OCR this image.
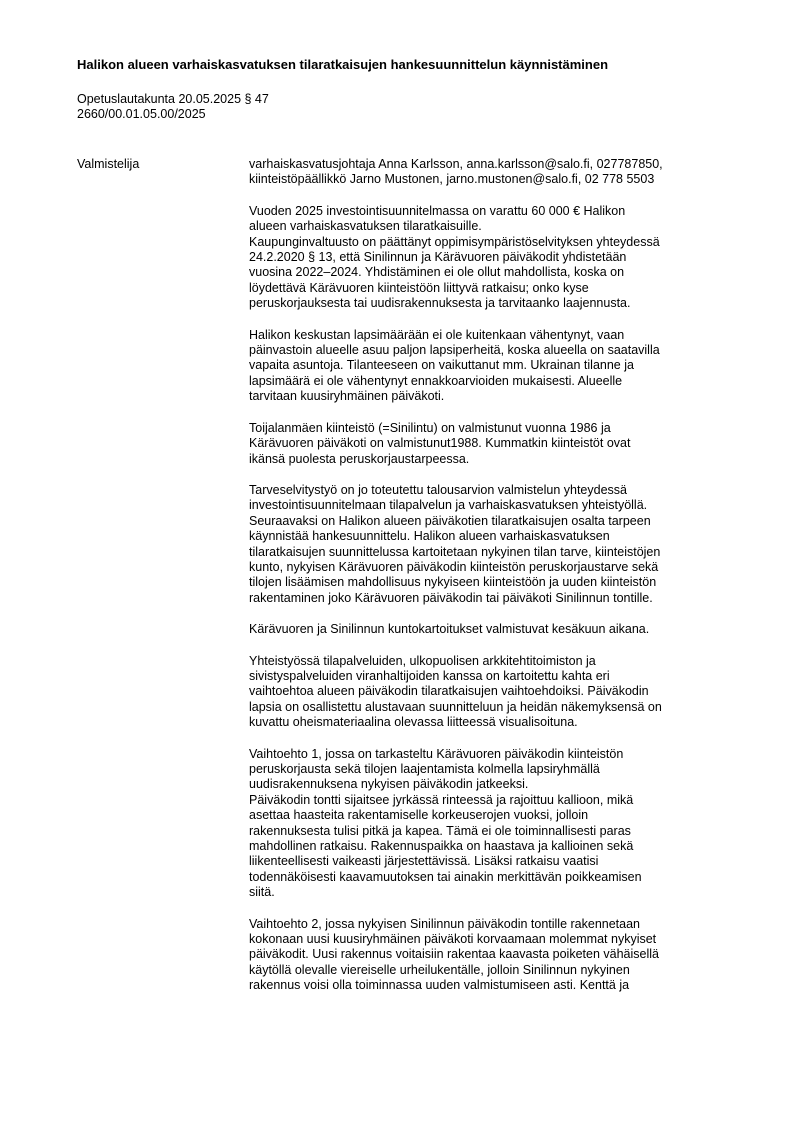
Halikon alueen varhaiskasvatuksen tilaratkaisujen hankesuunnittelun käynnistäminen
Opetuslautakunta 20.05.2025 § 47
2660/00.01.05.00/2025
Valmistelija	varhaiskasvatusjohtaja Anna Karlsson, anna.karlsson@salo.fi, 027787850,
kiinteistöpäällikkö Jarno Mustonen, jarno.mustonen@salo.fi, 02 778 5503
Vuoden 2025 investointisuunnitelmassa on varattu 60 000 € Halikon
alueen varhaiskasvatuksen tilaratkaisuille.
Kaupunginvaltuusto on päättänyt oppimisympäristöselvityksen yhteydessä
24.2.2020 § 13, että Sinilinnun ja Kärävuoren päiväkodit yhdistetään
vuosina 2022–2024. Yhdistäminen ei ole ollut mahdollista, koska on
löydettävä Kärävuoren kiinteistöön liittyvä ratkaisu; onko kyse
peruskorjauksesta tai uudisrakennuksesta ja tarvitaanko laajennusta.
Halikon keskustan lapsimäärään ei ole kuitenkaan vähentynyt, vaan
päinvastoin alueelle asuu paljon lapsiperheitä, koska alueella on saatavilla
vapaita asuntoja. Tilanteeseen on vaikuttanut mm. Ukrainan tilanne ja
lapsimäärä ei ole vähentynyt ennakkoarvioiden mukaisesti. Alueelle
tarvitaan kuusiryhmäinen päiväkoti.
Toijalanmäen kiinteistö (=Sinilintu) on valmistunut vuonna 1986 ja
Kärävuoren päiväkoti on valmistunut1988. Kummatkin kiinteistöt ovat
ikänsä puolesta peruskorjaustarpeessa.
Tarveselvitystyö on jo toteutettu talousarvion valmistelun yhteydessä
investointisuunnitelmaan tilapalvelun ja varhaiskasvatuksen yhteistyöllä.
Seuraavaksi on Halikon alueen päiväkotien tilaratkaisujen osalta tarpeen
käynnistää hankesuunnittelu. Halikon alueen varhaiskasvatuksen
tilaratkaisujen suunnittelussa kartoitetaan nykyinen tilan tarve, kiinteistöjen
kunto, nykyisen Kärävuoren päiväkodin kiinteistön peruskorjaustarve sekä
tilojen lisäämisen mahdollisuus nykyiseen kiinteistöön ja uuden kiinteistön
rakentaminen joko Kärävuoren päiväkodin tai päiväkoti Sinilinnun tontille.
Kärävuoren ja Sinilinnun kuntokartoitukset valmistuvat kesäkuun aikana.
Yhteistyössä tilapalveluiden, ulkopuolisen arkkitehtitoimiston ja
sivistyspalveluiden viranhaltijoiden kanssa on kartoitettu kahta eri
vaihtoehtoa alueen päiväkodin tilaratkaisujen vaihtoehdoiksi. Päiväkodin
lapsia on osallistettu alustavaan suunnitteluun ja heidän näkemyksensä on
kuvattu oheismateriaalina olevassa liitteessä visualisoituna.
Vaihtoehto 1, jossa on tarkasteltu Kärävuoren päiväkodin kiinteistön
peruskorjausta sekä tilojen laajentamista kolmella lapsiryhmällä
uudisrakennuksena nykyisen päiväkodin jatkeeksi.
Päiväkodin tontti sijaitsee jyrkässä rinteessä ja rajoittuu kallioon, mikä
asettaa haasteita rakentamiselle korkeuserojen vuoksi, jolloin
rakennuksesta tulisi pitkä ja kapea. Tämä ei ole toiminnallisesti paras
mahdollinen ratkaisu. Rakennuspaikka on haastava ja kallioinen sekä
liikenteellisesti vaikeasti järjestettävissä. Lisäksi ratkaisu vaatisi
todennäköisesti kaavamuutoksen tai ainakin merkittävän poikkeamisen
siitä.
Vaihtoehto 2, jossa nykyisen Sinilinnun päiväkodin tontille rakennetaan
kokonaan uusi kuusiryhmäinen päiväkoti korvaamaan molemmat nykyiset
päiväkodit. Uusi rakennus voitaisiin rakentaa kaavasta poiketen vähäisellä
käytöllä olevalle viereiselle urheilukentälle, jolloin Sinilinnun nykyinen
rakennus voisi olla toiminnassa uuden valmistumiseen asti. Kenttä ja
